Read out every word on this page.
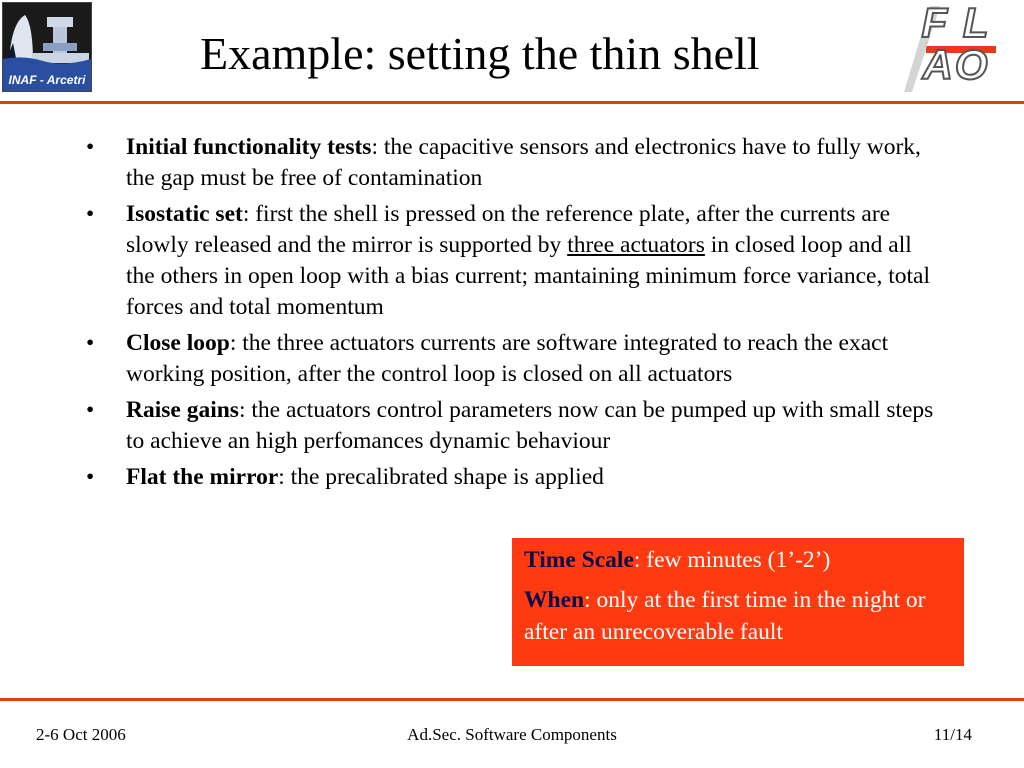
INAF - Arcetri
Example: setting the thin shell
F L
AO
• Initial functionality tests: the capacitive sensors and electronics have to fully work, the gap must be free of contamination
• Isostatic set: first the shell is pressed on the reference plate, after the currents are slowly released and the mirror is supported by three actuators in closed loop and all the others in open loop with a bias current; mantaining minimum force variance, total forces and total momentum
• Close loop: the three actuators currents are software integrated to reach the exact working position, after the control loop is closed on all actuators
• Raise gains: the actuators control parameters now can be pumped up with small steps to achieve an high perfomances dynamic behaviour
• Flat the mirror: the precalibrated shape is applied

Time Scale: few minutes (1’-2’)

When: only at the first time in the night or after an unrecoverable fault

2-6 Oct 2006	Ad.Sec. Software Components	11/14
